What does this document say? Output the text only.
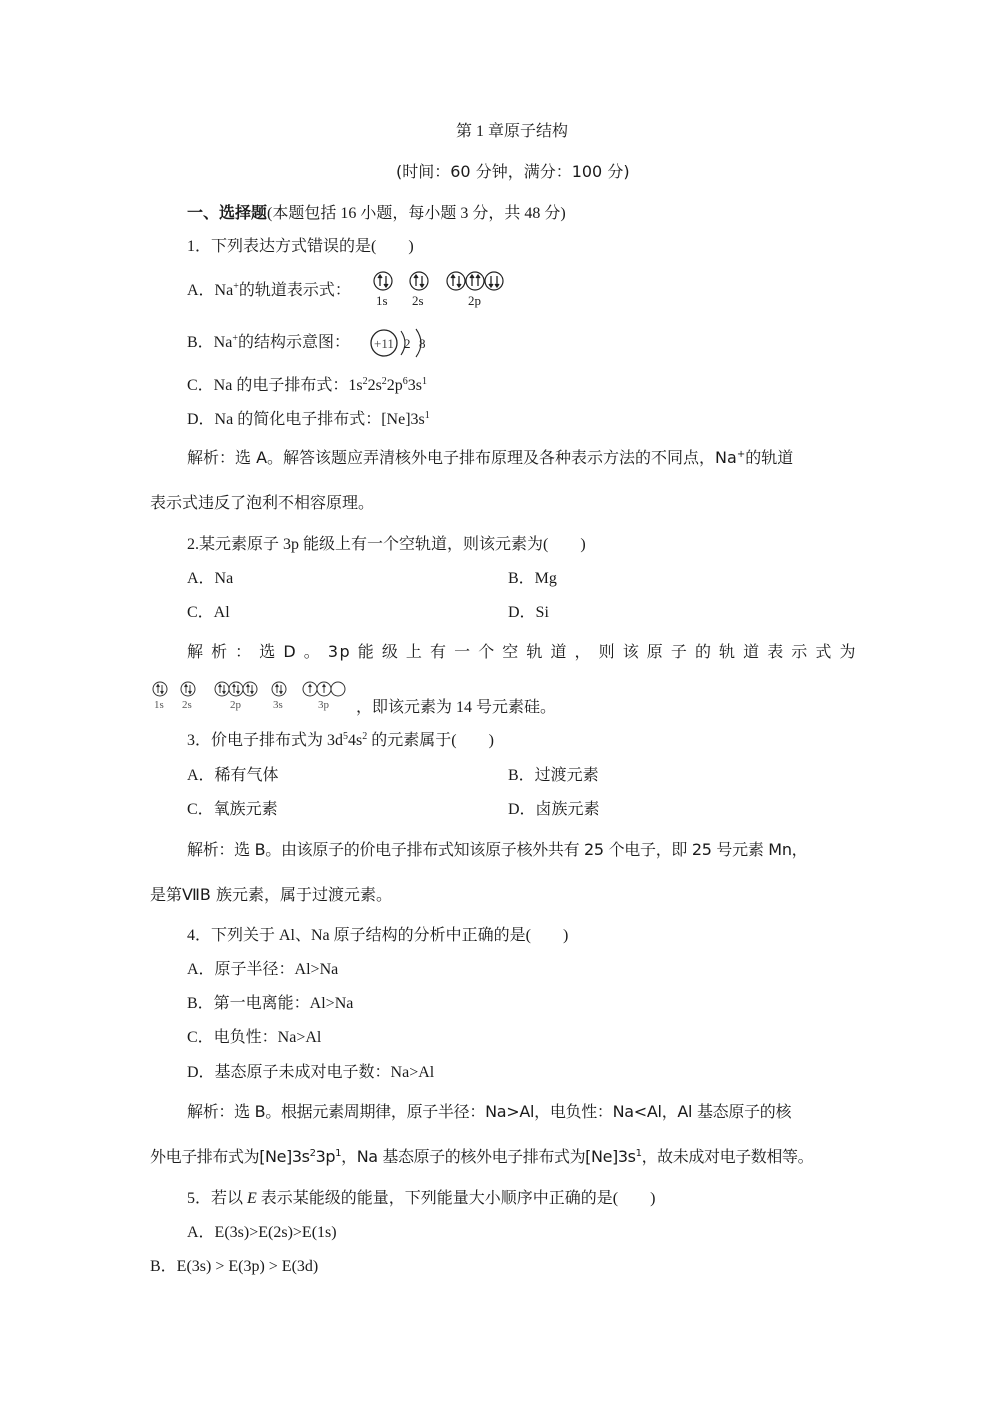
第 1 章原子结构
(时间：60 分钟，满分：100 分)
一、选择题(本题包括 16 小题，每小题 3 分，共 48 分)
1．下列表达方式错误的是(　　)
A．Na+的轨道表示式：
1s 2s	2p
B．Na+的结构示意图： +11 2 8
C．Na 的电子排布式：$1s^22s^22p^63s^1$
D．Na 的简化电子排布式：$[Ne]3s^1$
解析：选 A。解答该题应弄清核外电子排布原理及各种表示方法的不同点，Na+的轨道
表示式违反了泡利不相容原理。
2.某元素原子 3p 能级上有一个空轨道，则该元素为(　　)
A．Na	B．Mg
C．Al	D．Si
解 析 ： 选 D 。 3p 能 级 上 有 一 个 空 轨 道 ， 则 该 原 子 的 轨 道 表 示 式 为
1s 2s	2p	3s	3p ，即该元素为 14 号元素硅。
3．价电子排布式为 $3d^54s^2$ 的元素属于(　　)
A．稀有气体	B．过渡元素
C．氧族元素	D．卤族元素
解析：选 B。由该原子的价电子排布式知该原子核外共有 25 个电子，即 25 号元素 Mn，
是第ⅦB 族元素，属于过渡元素。
4．下列关于 Al、Na 原子结构的分析中正确的是(　　)
A．原子半径：Al>Na
B．第一电离能：Al>Na
C．电负性：Na>Al
D．基态原子未成对电子数：Na>Al
解析：选 B。根据元素周期律，原子半径：Na>Al，电负性：Na<Al，Al 基态原子的核
外电子排布式为$[Ne]3s^23p^1$，Na 基态原子的核外电子排布式为$[Ne]3s^1$，故未成对电子数相等。
5．若以 E 表示某能级的能量，下列能量大小顺序中正确的是(　　)
A．E(3s)>E(2s)>E(1s)
B．E(3s) > E(3p) > E(3d)
